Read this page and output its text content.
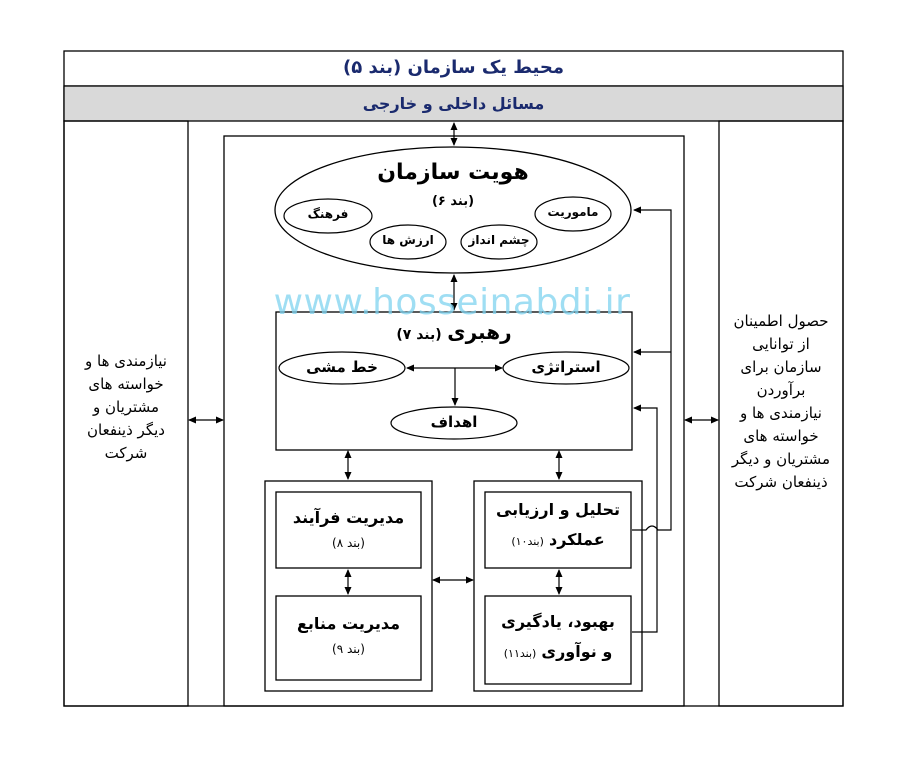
محیط یک سازمان (بند ۵)
مسائل داخلی و خارجی
نیازمندی ها و
خواسته های
مشتریان و
دیگر ذینفعان
شرکت
حصول اطمینان
از توانایی
سازمان برای
برآوردن
نیازمندی ها و
خواسته های
مشتریان و دیگر
ذینفعان شرکت
هویت سازمان
(بند ۶)
فرهنگ	ماموریت
ارزش ها	چشم انداز
www.hosseinabdi.ir
رهبری (بند ۷)
خط مشی	استراتژی
اهداف
مدیریت فرآیند
(بند ۸)
مدیریت منابع
(بند ۹)
تحلیل و ارزیابی
عملکرد (بند۱۰)
بهبود، یادگیری
و نوآوری (بند۱۱)
